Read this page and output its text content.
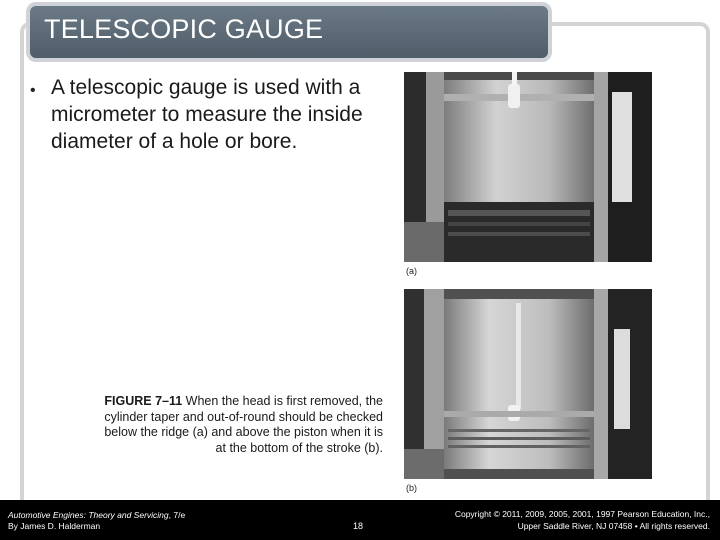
TELESCOPIC GAUGE
• A telescopic gauge is used with a micrometer to measure the inside diameter of a hole or bore.
(a)
(b)
FIGURE 7–11 When the head is first removed, the cylinder taper and out-of-round should be checked below the ridge (a) and above the piston when it is at the bottom of the stroke (b).
Automotive Engines: Theory and Servicing, 7/e
By James D. Halderman	18
Copyright © 2011, 2009, 2005, 2001, 1997 Pearson Education, Inc.,
Upper Saddle River, NJ 07458 • All rights reserved.
